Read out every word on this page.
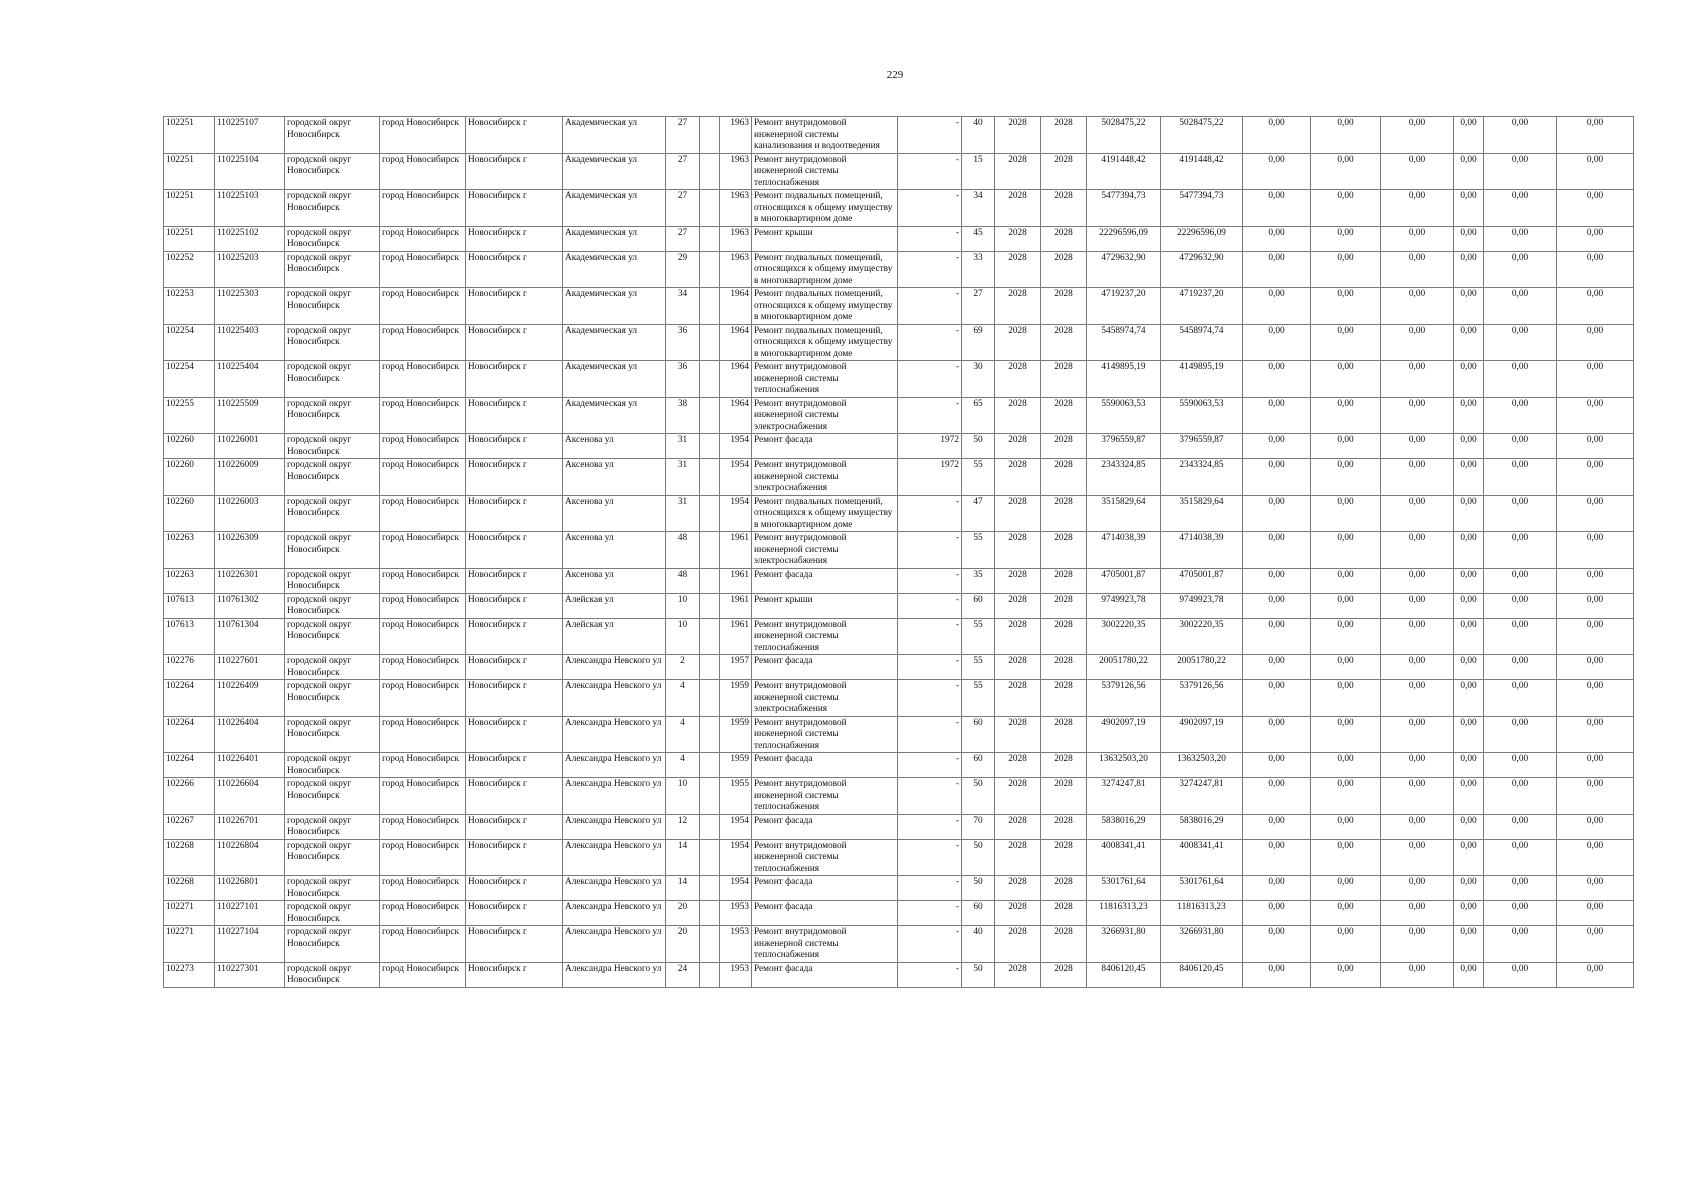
229
102251	110225107	городской округ Новосибирск	город Новосибирск	Новосибирск г	Академическая ул	27		1963	Ремонт внутридомовой инженерной системы канализования и водоотведения	-	40	2028	2028	5028475,22	5028475,22	0,00	0,00	0,00	0,00	0,00	0,00
102251	110225104	городской округ Новосибирск	город Новосибирск	Новосибирск г	Академическая ул	27		1963	Ремонт внутридомовой инженерной системы теплоснабжения	-	15	2028	2028	4191448,42	4191448,42	0,00	0,00	0,00	0,00	0,00	0,00
102251	110225103	городской округ Новосибирск	город Новосибирск	Новосибирск г	Академическая ул	27		1963	Ремонт подвальных помещений, относящихся к общему имуществу в многоквартирном доме	-	34	2028	2028	5477394,73	5477394,73	0,00	0,00	0,00	0,00	0,00	0,00
102251	110225102	городской округ Новосибирск	город Новосибирск	Новосибирск г	Академическая ул	27		1963	Ремонт крыши	-	45	2028	2028	22296596,09	22296596,09	0,00	0,00	0,00	0,00	0,00	0,00
102252	110225203	городской округ Новосибирск	город Новосибирск	Новосибирск г	Академическая ул	29		1963	Ремонт подвальных помещений, относящихся к общему имуществу в многоквартирном доме	-	33	2028	2028	4729632,90	4729632,90	0,00	0,00	0,00	0,00	0,00	0,00
102253	110225303	городской округ Новосибирск	город Новосибирск	Новосибирск г	Академическая ул	34		1964	Ремонт подвальных помещений, относящихся к общему имуществу в многоквартирном доме	-	27	2028	2028	4719237,20	4719237,20	0,00	0,00	0,00	0,00	0,00	0,00
102254	110225403	городской округ Новосибирск	город Новосибирск	Новосибирск г	Академическая ул	36		1964	Ремонт подвальных помещений, относящихся к общему имуществу в многоквартирном доме	-	69	2028	2028	5458974,74	5458974,74	0,00	0,00	0,00	0,00	0,00	0,00
102254	110225404	городской округ Новосибирск	город Новосибирск	Новосибирск г	Академическая ул	36		1964	Ремонт внутридомовой инженерной системы теплоснабжения	-	30	2028	2028	4149895,19	4149895,19	0,00	0,00	0,00	0,00	0,00	0,00
102255	110225509	городской округ Новосибирск	город Новосибирск	Новосибирск г	Академическая ул	38		1964	Ремонт внутридомовой инженерной системы электроснабжения	-	65	2028	2028	5590063,53	5590063,53	0,00	0,00	0,00	0,00	0,00	0,00
102260	110226001	городской округ Новосибирск	город Новосибирск	Новосибирск г	Аксенова ул	31		1954	Ремонт фасада	1972	50	2028	2028	3796559,87	3796559,87	0,00	0,00	0,00	0,00	0,00	0,00
102260	110226009	городской округ Новосибирск	город Новосибирск	Новосибирск г	Аксенова ул	31		1954	Ремонт внутридомовой инженерной системы электроснабжения	1972	55	2028	2028	2343324,85	2343324,85	0,00	0,00	0,00	0,00	0,00	0,00
102260	110226003	городской округ Новосибирск	город Новосибирск	Новосибирск г	Аксенова ул	31		1954	Ремонт подвальных помещений, относящихся к общему имуществу в многоквартирном доме	-	47	2028	2028	3515829,64	3515829,64	0,00	0,00	0,00	0,00	0,00	0,00
102263	110226309	городской округ Новосибирск	город Новосибирск	Новосибирск г	Аксенова ул	48		1961	Ремонт внутридомовой инженерной системы электроснабжения	-	55	2028	2028	4714038,39	4714038,39	0,00	0,00	0,00	0,00	0,00	0,00
102263	110226301	городской округ Новосибирск	город Новосибирск	Новосибирск г	Аксенова ул	48		1961	Ремонт фасада	-	35	2028	2028	4705001,87	4705001,87	0,00	0,00	0,00	0,00	0,00	0,00
107613	110761302	городской округ Новосибирск	город Новосибирск	Новосибирск г	Алейская ул	10		1961	Ремонт крыши	-	60	2028	2028	9749923,78	9749923,78	0,00	0,00	0,00	0,00	0,00	0,00
107613	110761304	городской округ Новосибирск	город Новосибирск	Новосибирск г	Алейская ул	10		1961	Ремонт внутридомовой инженерной системы теплоснабжения	-	55	2028	2028	3002220,35	3002220,35	0,00	0,00	0,00	0,00	0,00	0,00
102276	110227601	городской округ Новосибирск	город Новосибирск	Новосибирск г	Александра Невского ул	2		1957	Ремонт фасада	-	55	2028	2028	20051780,22	20051780,22	0,00	0,00	0,00	0,00	0,00	0,00
102264	110226409	городской округ Новосибирск	город Новосибирск	Новосибирск г	Александра Невского ул	4		1959	Ремонт внутридомовой инженерной системы электроснабжения	-	55	2028	2028	5379126,56	5379126,56	0,00	0,00	0,00	0,00	0,00	0,00
102264	110226404	городской округ Новосибирск	город Новосибирск	Новосибирск г	Александра Невского ул	4		1959	Ремонт внутридомовой инженерной системы теплоснабжения	-	60	2028	2028	4902097,19	4902097,19	0,00	0,00	0,00	0,00	0,00	0,00
102264	110226401	городской округ Новосибирск	город Новосибирск	Новосибирск г	Александра Невского ул	4		1959	Ремонт фасада	-	60	2028	2028	13632503,20	13632503,20	0,00	0,00	0,00	0,00	0,00	0,00
102266	110226604	городской округ Новосибирск	город Новосибирск	Новосибирск г	Александра Невского ул	10		1955	Ремонт внутридомовой инженерной системы теплоснабжения	-	50	2028	2028	3274247,81	3274247,81	0,00	0,00	0,00	0,00	0,00	0,00
102267	110226701	городской округ Новосибирск	город Новосибирск	Новосибирск г	Александра Невского ул	12		1954	Ремонт фасада	-	70	2028	2028	5838016,29	5838016,29	0,00	0,00	0,00	0,00	0,00	0,00
102268	110226804	городской округ Новосибирск	город Новосибирск	Новосибирск г	Александра Невского ул	14		1954	Ремонт внутридомовой инженерной системы теплоснабжения	-	50	2028	2028	4008341,41	4008341,41	0,00	0,00	0,00	0,00	0,00	0,00
102268	110226801	городской округ Новосибирск	город Новосибирск	Новосибирск г	Александра Невского ул	14		1954	Ремонт фасада	-	50	2028	2028	5301761,64	5301761,64	0,00	0,00	0,00	0,00	0,00	0,00
102271	110227101	городской округ Новосибирск	город Новосибирск	Новосибирск г	Александра Невского ул	20		1953	Ремонт фасада	-	60	2028	2028	11816313,23	11816313,23	0,00	0,00	0,00	0,00	0,00	0,00
102271	110227104	городской округ Новосибирск	город Новосибирск	Новосибирск г	Александра Невского ул	20		1953	Ремонт внутридомовой инженерной системы теплоснабжения	-	40	2028	2028	3266931,80	3266931,80	0,00	0,00	0,00	0,00	0,00	0,00
102273	110227301	городской округ Новосибирск	город Новосибирск	Новосибирск г	Александра Невского ул	24		1953	Ремонт фасада	-	50	2028	2028	8406120,45	8406120,45	0,00	0,00	0,00	0,00	0,00	0,00
